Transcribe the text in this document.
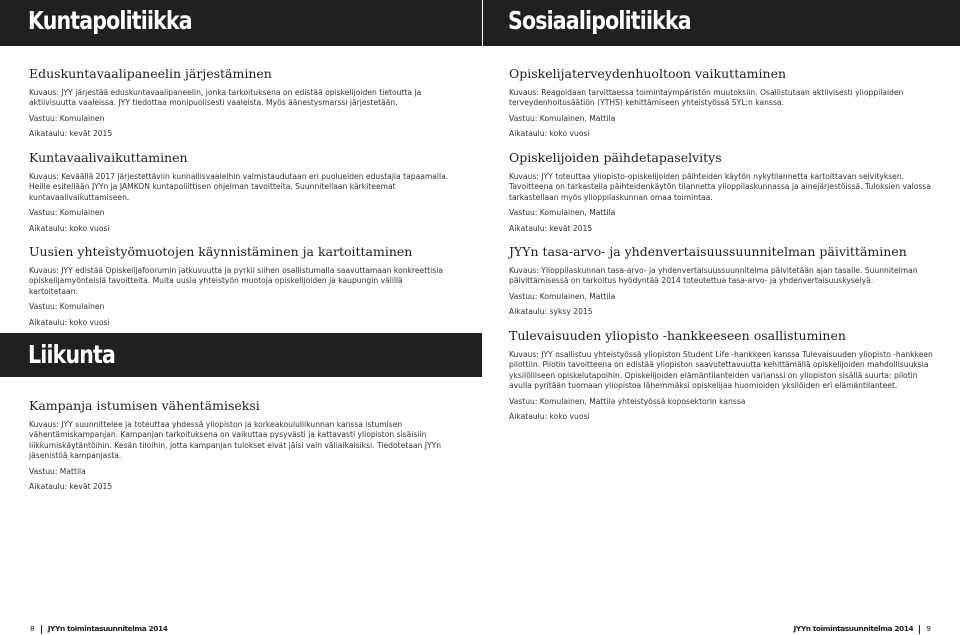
Kuntapolitiikka	Sosiaalipolitiikka
Eduskuntavaalipaneelin järjestäminen

Kuvaus: JYY järjestää eduskuntavaalipaneelin, jonka tarkoituksena on edistää opiskelijoiden tietoutta ja aktiivisuutta vaaleissa. JYY tiedottaa monipuolisesti vaaleista. Myös äänestysmarssi järjestetään.

Vastuu: Komulainen

Aikataulu: kevät 2015

Kuntavaalivaikuttaminen

Kuvaus: Keväällä 2017 järjestettäviin kunnallisvaaleihin valmistaudutaan eri puolueiden edustajia tapaamalla. Heille esitellään JYYn ja JAMKON kuntapoliittisen ohjelman tavoitteita. Suunnitellaan kärkiteemat kuntavaalivaikuttamiseen.

Vastuu: Komulainen

Aikataulu: koko vuosi

Uusien yhteistyömuotojen käynnistäminen ja kartoittaminen

Kuvaus: JYY edistää Opiskelijafoorumin jatkuvuutta ja pyrkii siihen osallistumalla saavuttamaan konkreettisia opiskelijamyönteisiä tavoitteita. Muita uusia yhteistyön muotoja opiskelijoiden ja kaupungin välillä kartoitetaan.

Vastuu: Komulainen

Aikataulu: koko vuosi

Liikunta
Kampanja istumisen vähentämiseksi

Kuvaus: JYY suunnittelee ja toteuttaa yhdessä yliopiston ja korkeakoululiikunnan kanssa istumisen vähentämiskampanjan. Kampanjan tarkoituksena on vaikuttaa pysyvästi ja kattavasti yliopiston sisäisiin liikkumiskäytäntöihin. Kesän tiloihin, jotta kampanjan tulokset eivät jäisi vain väliaikaisiksi. Tiedotetaan JYYn jäsenistöä kampanjasta.

Vastuu: Mattila

Aikataulu: kevät 2015

Opiskelijaterveydenhuoltoon vaikuttaminen

Kuvaus: Reagoidaan tarvittaessa toimintaympäristön muutoksiin. Osallistutaan aktiivisesti ylioppilaiden terveydenhoitosäätiön (YTHS) kehittämiseen yhteistyössä SYL:n kanssa.

Vastuu: Komulainen, Mattila

Aikataulu: koko vuosi

Opiskelijoiden päihdetapaselvitys

Kuvaus: JYY toteuttaa yliopisto-opiskelijoiden päihteiden käytön nykytilannetta kartoittavan selvityksen. Tavoitteena on tarkastella päihteidenkäytön tilannetta ylioppilaskunnassa ja ainejärjestöissä. Tuloksien valossa tarkastellaan myös ylioppilaskunnan omaa toimintaa.

Vastuu: Komulainen, Mattila

Aikataulu: kevät 2015

JYYn tasa-arvo- ja yhdenvertaisuussuunnitelman päivittäminen

Kuvaus: Ylioppilaskunnan tasa-arvo- ja yhdenvertaisuussuunnitelma päivitetään ajan tasalle. Suunnitelman päivittämisessä on tarkoitus hyödyntää 2014 toteutettua tasa-arvo- ja yhdenvertaisuuskyselyä.

Vastuu: Komulainen, Mattila

Aikataulu: syksy 2015

Tulevaisuuden yliopisto -hankkeeseen osallistuminen

Kuvaus: JYY osallistuu yhteistyössä yliopiston Student Life -hankkeen kanssa Tulevaisuuden yliopisto -hankkeen pilottiin. Pilotin tavoitteena on edistää yliopiston saavutettavuutta kehittämällä opiskelijoiden mahdollisuuksia yksilölliseen opiskelutapoihin. Opiskelijoiden elämäntilanteiden varianssi on yliopiston sisällä suurta: pilotin avulla pyritään tuomaan yliopistoa lähemmäksi opiskelijaa huomioiden yksilöiden eri elämäntilanteet.

Vastuu: Komulainen, Mattila yhteistyössä koposektorin kanssa

Aikataulu: koko vuosi

8 JYYn toimintasuunnitelma 2014	JYYn toimintasuunnitelma 2014 9
